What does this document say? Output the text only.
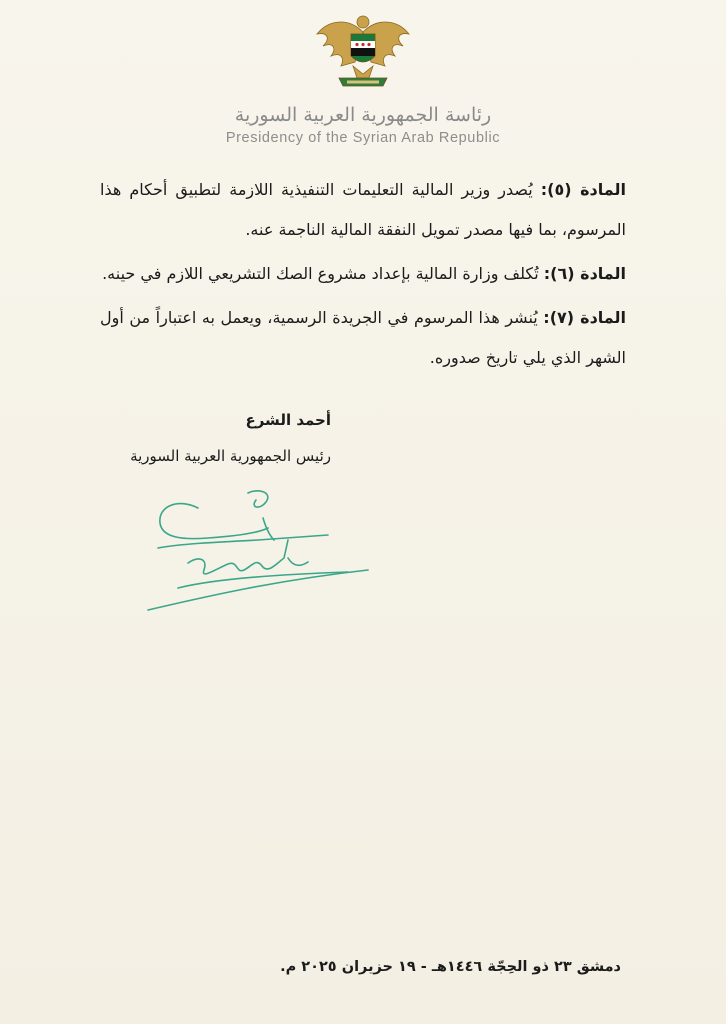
رئاسة الجمهورية العربية السورية
Presidency of the Syrian Arab Republic

المادة (٥): يُصدر وزير المالية التعليمات التنفيذية اللازمة لتطبيق أحكام هذا المرسوم، بما فيها مصدر تمويل النفقة المالية الناجمة عنه.

المادة (٦): تُكلف وزارة المالية بإعداد مشروع الصك التشريعي اللازم في حينه.

المادة (٧): يُنشر هذا المرسوم في الجريدة الرسمية، ويعمل به اعتباراً من أول الشهر الذي يلي تاريخ صدوره.

أحمد الشرع
رئيس الجمهورية العربية السورية
دمشق ٢٣ ذو الحِجّة ١٤٤٦هـ - ١٩ حزيران ٢٠٢٥ م.
